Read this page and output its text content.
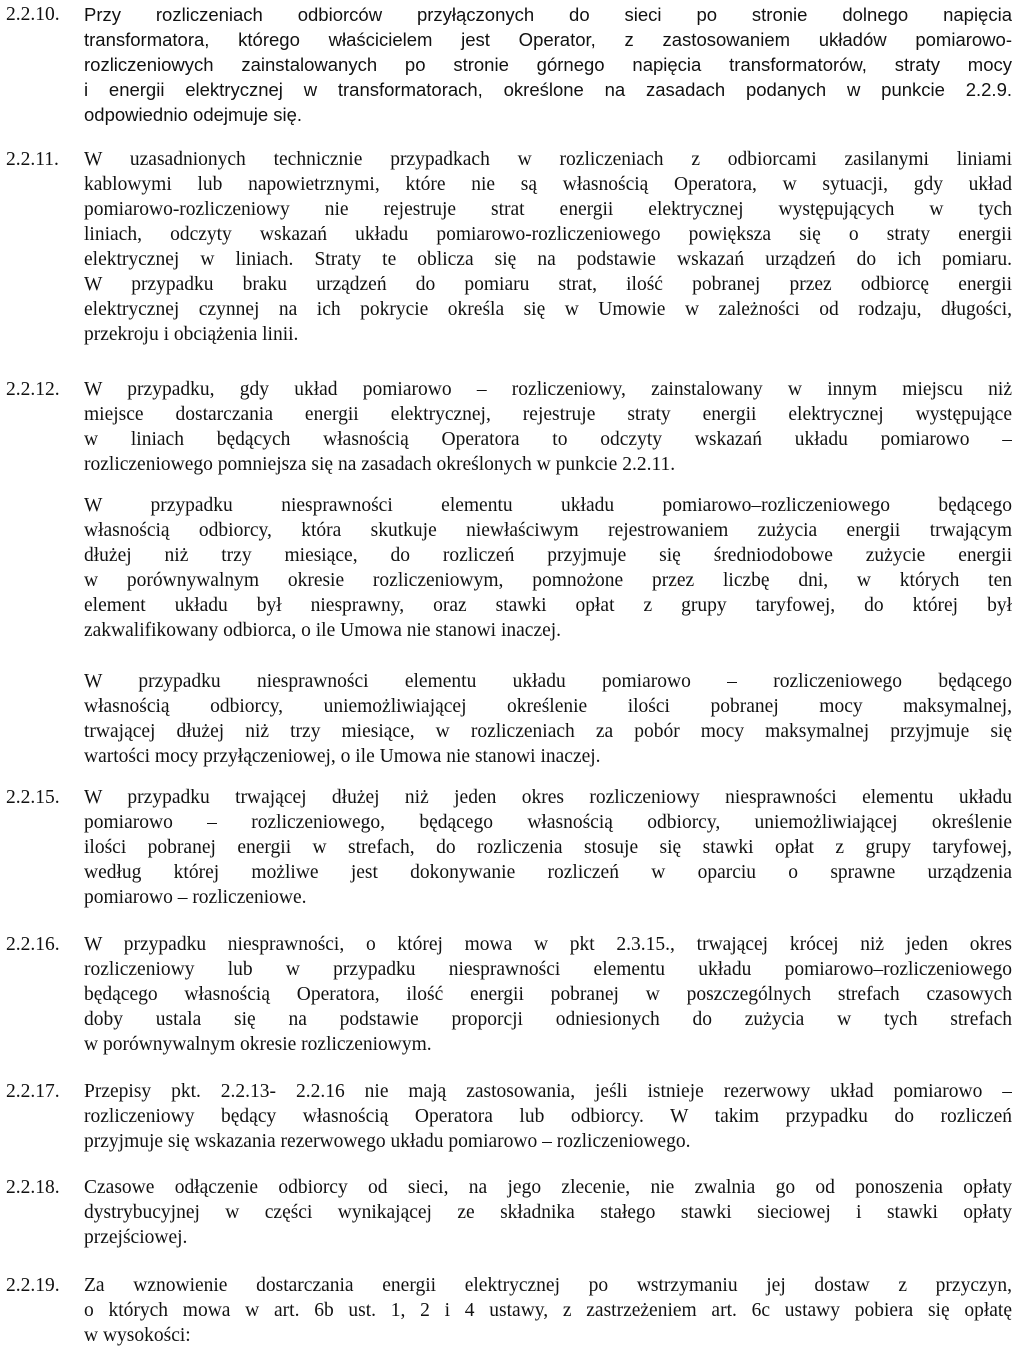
2.2.10. Przy rozliczeniach odbiorców przyłączonych do sieci po stronie dolnego napięcia
transformatora, którego właścicielem jest Operator, z zastosowaniem układów pomiarowo-
rozliczeniowych zainstalowanych po stronie górnego napięcia transformatorów, straty mocy
i energii elektrycznej w transformatorach, określone na zasadach podanych w punkcie 2.2.9.
odpowiednio odejmuje się.
2.2.11. W uzasadnionych technicznie przypadkach w rozliczeniach z odbiorcami zasilanymi liniami
kablowymi lub napowietrznymi, które nie są własnością Operatora, w sytuacji, gdy układ
pomiarowo-rozliczeniowy nie rejestruje strat energii elektrycznej występujących w tych
liniach, odczyty wskazań układu pomiarowo-rozliczeniowego powiększa się o straty energii
elektrycznej w liniach. Straty te oblicza się na podstawie wskazań urządzeń do ich pomiaru.
W przypadku braku urządzeń do pomiaru strat, ilość pobranej przez odbiorcę energii
elektrycznej czynnej na ich pokrycie określa się w Umowie w zależności od rodzaju, długości,
przekroju i obciążenia linii.
2.2.12. W przypadku, gdy układ pomiarowo – rozliczeniowy, zainstalowany w innym miejscu niż
miejsce dostarczania energii elektrycznej, rejestruje straty energii elektrycznej występujące
w liniach będących własnością Operatora to odczyty wskazań układu pomiarowo –
rozliczeniowego pomniejsza się na zasadach określonych w punkcie 2.2.11.
W przypadku niesprawności elementu układu pomiarowo–rozliczeniowego będącego
własnością odbiorcy, która skutkuje niewłaściwym rejestrowaniem zużycia energii trwającym
dłużej niż trzy miesiące, do rozliczeń przyjmuje się średniodobowe zużycie energii
w porównywalnym okresie rozliczeniowym, pomnożone przez liczbę dni, w których ten
element układu był niesprawny, oraz stawki opłat z grupy taryfowej, do której był
zakwalifikowany odbiorca, o ile Umowa nie stanowi inaczej.
W przypadku niesprawności elementu układu pomiarowo – rozliczeniowego będącego
własnością odbiorcy, uniemożliwiającej określenie ilości pobranej mocy maksymalnej,
trwającej dłużej niż trzy miesiące, w rozliczeniach za pobór mocy maksymalnej przyjmuje się
wartości mocy przyłączeniowej, o ile Umowa nie stanowi inaczej.
2.2.15. W przypadku trwającej dłużej niż jeden okres rozliczeniowy niesprawności elementu układu
pomiarowo – rozliczeniowego, będącego własnością odbiorcy, uniemożliwiającej określenie
ilości pobranej energii w strefach, do rozliczenia stosuje się stawki opłat z grupy taryfowej,
według której możliwe jest dokonywanie rozliczeń w oparciu o sprawne urządzenia
pomiarowo – rozliczeniowe.
2.2.16. W przypadku niesprawności, o której mowa w pkt 2.3.15., trwającej krócej niż jeden okres
rozliczeniowy lub w przypadku niesprawności elementu układu pomiarowo–rozliczeniowego
będącego własnością Operatora, ilość energii pobranej w poszczególnych strefach czasowych
doby ustala się na podstawie proporcji odniesionych do zużycia w tych strefach
w porównywalnym okresie rozliczeniowym.
2.2.17. Przepisy pkt. 2.2.13- 2.2.16 nie mają zastosowania, jeśli istnieje rezerwowy układ pomiarowo –
rozliczeniowy będący własnością Operatora lub odbiorcy. W takim przypadku do rozliczeń
przyjmuje się wskazania rezerwowego układu pomiarowo – rozliczeniowego.
2.2.18. Czasowe odłączenie odbiorcy od sieci, na jego zlecenie, nie zwalnia go od ponoszenia opłaty
dystrybucyjnej w części wynikającej ze składnika stałego stawki sieciowej i stawki opłaty
przejściowej.
2.2.19. Za wznowienie dostarczania energii elektrycznej po wstrzymaniu jej dostaw z przyczyn,
o których mowa w art. 6b ust. 1, 2 i 4 ustawy, z zastrzeżeniem art. 6c ustawy pobiera się opłatę
w wysokości:
